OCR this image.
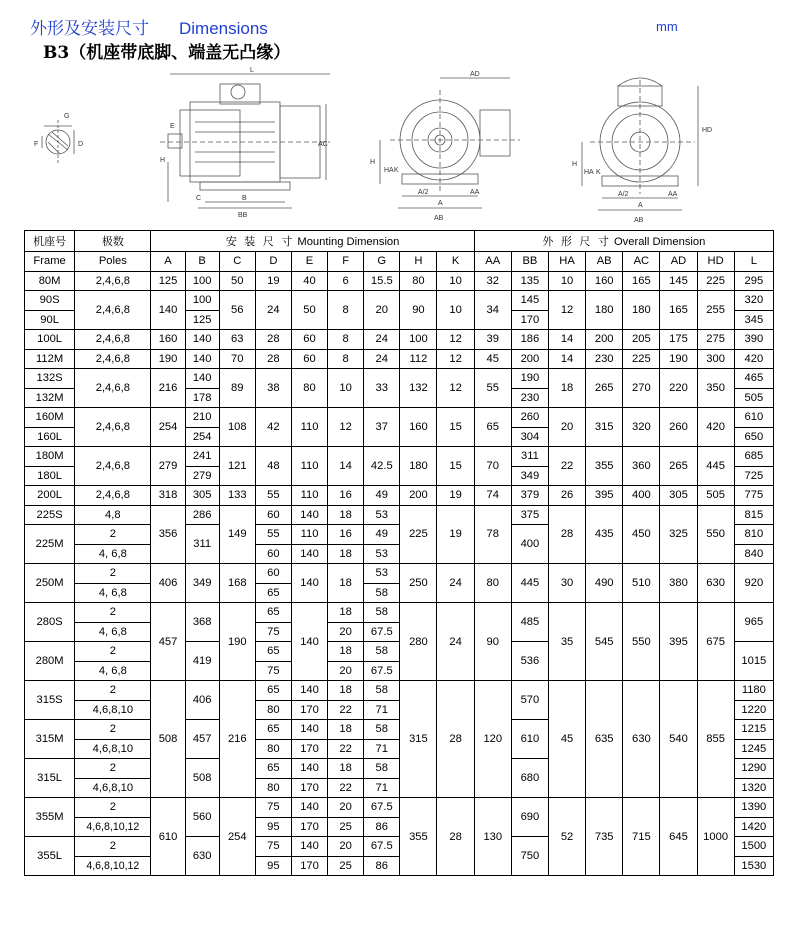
外形及安装尺寸 Dimensions	mm
B3（机座带底脚、端盖无凸缘）
G
F	D
L
E
H
C	B
BB
AC
AD
H
HA K
A/2
A
AB
AA
HD
H
HA K
A/2
A
AB
AA
机座号	极数	安 装 尺 寸 Mounting Dimension									外 形 尺 寸 Overall Dimension							
Frame	Poles	A	B	C	D	E	F	G	H	K	AA	BB	HA	AB	AC	AD	HD	L
80M	2,4,6,8	125	100	50	19	40	6	15.5	80	10	32	135	10	160	165	145	225	295
90S	2,4,6,8	140	100	56	24	50	8	20	90	10	34	145	12	180	180	165	255	320
90L			125									170						345
100L	2,4,6,8	160	140	63	28	60	8	24	100	12	39	186	14	200	205	175	275	390
112M	2,4,6,8	190	140	70	28	60	8	24	112	12	45	200	14	230	225	190	300	420
132S	2,4,6,8	216	140	89	38	80	10	33	132	12	55	190	18	265	270	220	350	465
132M			178									230						505
160M	2,4,6,8	254	210	108	42	110	12	37	160	15	65	260	20	315	320	260	420	610
160L			254									304						650
180M	2,4,6,8	279	241	121	48	110	14	42.5	180	15	70	311	22	355	360	265	445	685
180L			279									349						725
200L	2,4,6,8	318	305	133	55	110	16	49	200	19	74	379	26	395	400	305	505	775
225S	4,8	356	286	149	60	140	18	53	225	19	78	375	28	435	450	325	550	815
225M	2		311		55	110	16	49				400						810
	4, 6,8				60	140	18	53										840
250M	2	406	349	168	60	140	18	53	250	24	80	445	30	490	510	380	630	920
	4, 6,8				65			58										
280S	2	457	368	190	65	140	18	58	280	24	90	485	35	545	550	395	675	965
	4, 6,8				75		20	67.5										
280M	2		419		65		18	58				536						1015
	4, 6,8				75		20	67.5										
315S	2	508	406	216	65	140	18	58	315	28	120	570	45	635	630	540	855	1180
	4,6,8,10				80	170	22	71										1220
315M	2		457		65	140	18	58				610						1215
	4,6,8,10				80	170	22	71										1245
315L	2		508		65	140	18	58				680						1290
	4,6,8,10				80	170	22	71										1320
355M	2	610	560	254	75	140	20	67.5	355	28	130	690	52	735	715	645	1000	1390
	4,6,8,10,12				95	170	25	86										1420
355L	2		630		75	140	20	67.5				750						1500
	4,6,8,10,12				95	170	25	86										1530
